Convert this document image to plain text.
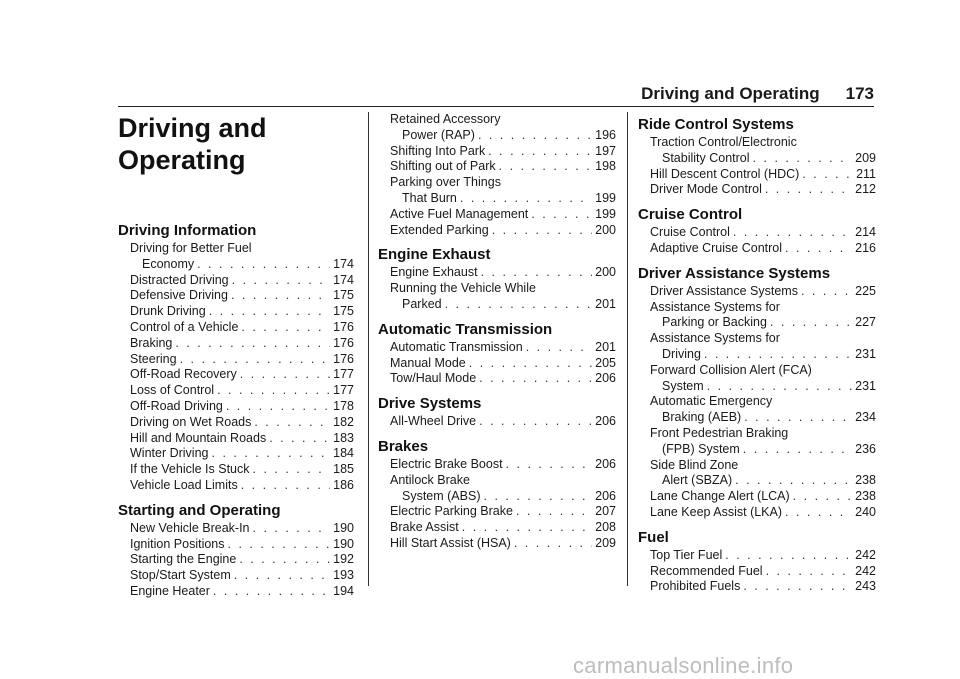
Driving and Operating 173
Driving and
Operating
Driving Information
Driving for Better Fuel
Economy . . .	174
Distracted Driving . . .	174
Defensive Driving . . .	175
Drunk Driving . . .	175
Control of a Vehicle . . .	176
Braking . . .	176
Steering . . .	176
Off-Road Recovery . . .	177
Loss of Control . . .	177
Off-Road Driving . . .	178
Driving on Wet Roads . . .	182
Hill and Mountain Roads . . .	183
Winter Driving . . .	184
If the Vehicle Is Stuck . . .	185
Vehicle Load Limits . . .	186
Starting and Operating
New Vehicle Break-In . . .	190
Ignition Positions . . .	190
Starting the Engine . . .	192
Stop/Start System . . .	193
Engine Heater . . .	194
Retained Accessory
Power (RAP) . . .	196
Shifting Into Park . . .	197
Shifting out of Park . . .	198
Parking over Things
That Burn . . .	199
Active Fuel Management . . .	199
Extended Parking . . .	200
Engine Exhaust
Engine Exhaust . . .	200
Running the Vehicle While
Parked . . .	201
Automatic Transmission
Automatic Transmission . . .	201
Manual Mode . . .	205
Tow/Haul Mode . . .	206
Drive Systems
All-Wheel Drive . . .	206
Brakes
Electric Brake Boost . . .	206
Antilock Brake
System (ABS) . . .	206
Electric Parking Brake . . .	207
Brake Assist . . .	208
Hill Start Assist (HSA) . . .	209
Ride Control Systems
Traction Control/Electronic
Stability Control . . .	209
Hill Descent Control (HDC) . . .	211
Driver Mode Control . . .	212
Cruise Control
Cruise Control . . .	214
Adaptive Cruise Control . . .	216
Driver Assistance Systems
Driver Assistance Systems . . .	225
Assistance Systems for
Parking or Backing . . .	227
Assistance Systems for
Driving . . .	231
Forward Collision Alert (FCA)
System . . .	231
Automatic Emergency
Braking (AEB) . . .	234
Front Pedestrian Braking
(FPB) System . . .	236
Side Blind Zone
Alert (SBZA) . . .	238
Lane Change Alert (LCA) . . .	238
Lane Keep Assist (LKA) . . .	240
Fuel
Top Tier Fuel . . .	242
Recommended Fuel . . .	242
Prohibited Fuels . . .	243
carmanualsonline.info
